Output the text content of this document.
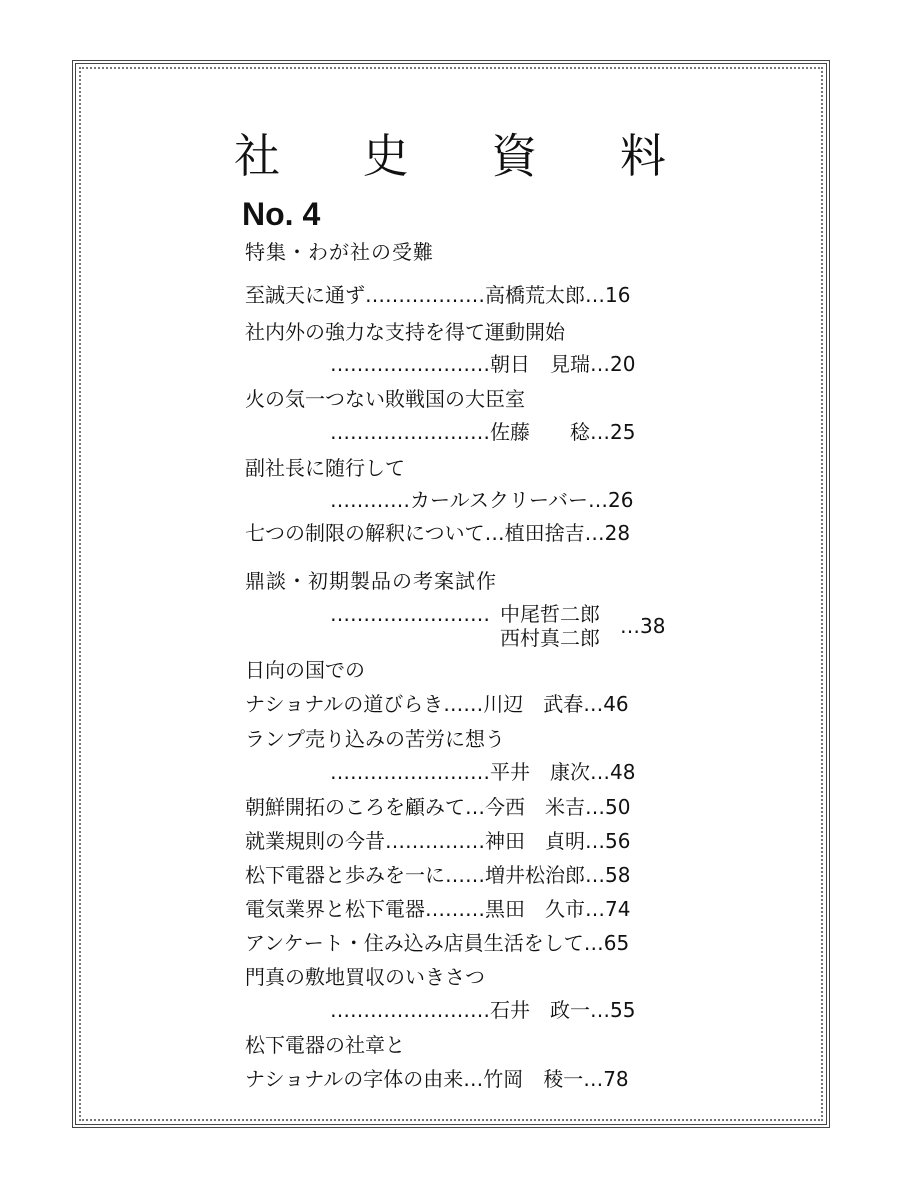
社 史 資 料
No. 4
特集・わが社の受難
至誠天に通ず………………高橋荒太郎…16
社内外の強力な支持を得て運動開始
……………………朝日　見瑞…20
火の気一つない敗戦国の大臣室
……………………佐藤　　稔…25
副社長に随行して
…………カールスクリーバー…26
七つの制限の解釈について…植田捨吉…28
鼎談・初期製品の考案試作
…………………… 中尾哲二郎
西村真二郎 …38
日向の国での
ナショナルの道びらき……川辺　武春…46
ランプ売り込みの苦労に想う
……………………平井　康次…48
朝鮮開拓のころを顧みて…今西　米吉…50
就業規則の今昔……………神田　貞明…56
松下電器と歩みを一に……増井松治郎…58
電気業界と松下電器………黒田　久市…74
アンケート・住み込み店員生活をして…65
門真の敷地買収のいきさつ
……………………石井　政一…55
松下電器の社章と
ナショナルの字体の由来…竹岡　稜一…78
